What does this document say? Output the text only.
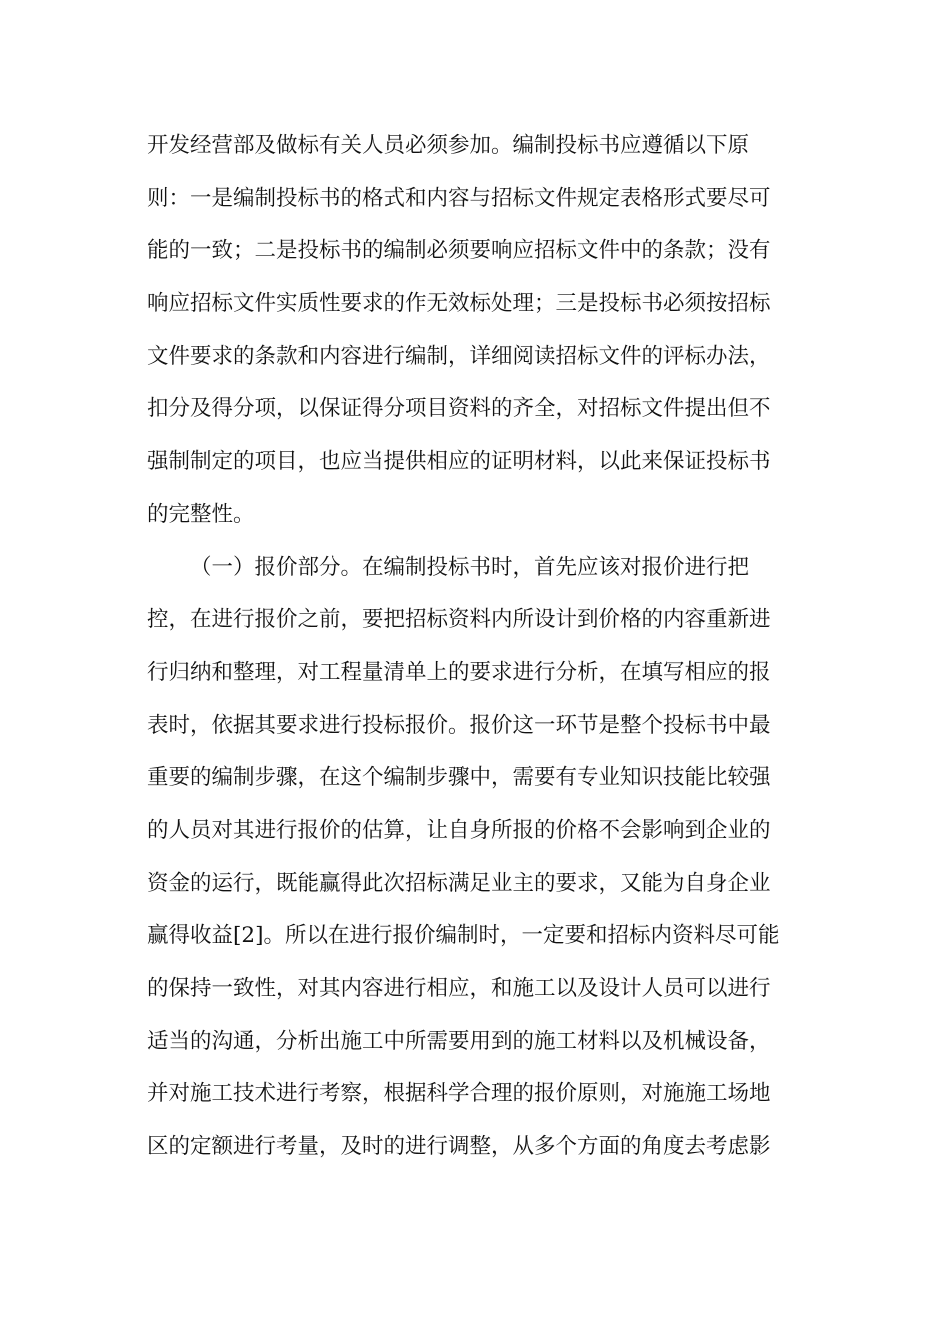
开发经营部及做标有关人员必须参加。编制投标书应遵循以下原
则：一是编制投标书的格式和内容与招标文件规定表格形式要尽可
能的一致；二是投标书的编制必须要响应招标文件中的条款；没有
响应招标文件实质性要求的作无效标处理；三是投标书必须按招标
文件要求的条款和内容进行编制，详细阅读招标文件的评标办法，
扣分及得分项，以保证得分项目资料的齐全，对招标文件提出但不
强制制定的项目，也应当提供相应的证明材料，以此来保证投标书
的完整性。
（一）报价部分。在编制投标书时，首先应该对报价进行把
控，在进行报价之前，要把招标资料内所设计到价格的内容重新进
行归纳和整理，对工程量清单上的要求进行分析，在填写相应的报
表时，依据其要求进行投标报价。报价这一环节是整个投标书中最
重要的编制步骤，在这个编制步骤中，需要有专业知识技能比较强
的人员对其进行报价的估算，让自身所报的价格不会影响到企业的
资金的运行，既能赢得此次招标满足业主的要求，又能为自身企业
赢得收益[2]。所以在进行报价编制时，一定要和招标内资料尽可能
的保持一致性，对其内容进行相应，和施工以及设计人员可以进行
适当的沟通，分析出施工中所需要用到的施工材料以及机械设备，
并对施工技术进行考察，根据科学合理的报价原则，对施施工场地
区的定额进行考量，及时的进行调整，从多个方面的角度去考虑影
